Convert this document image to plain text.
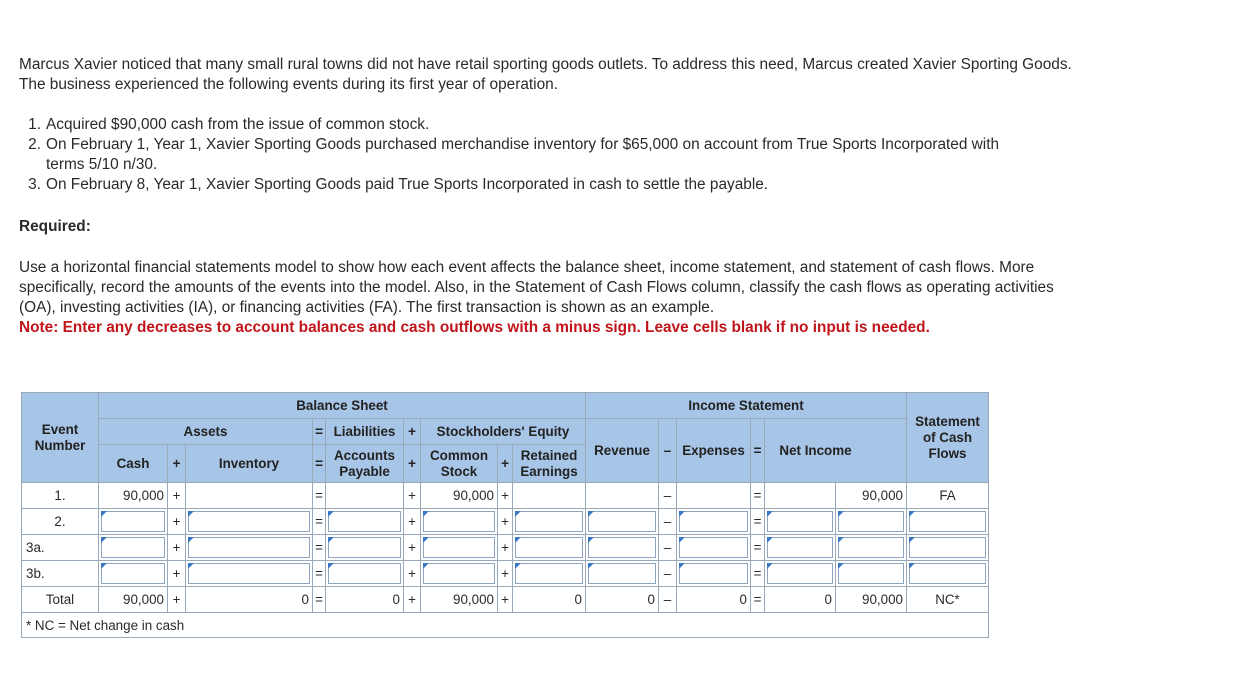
Marcus Xavier noticed that many small rural towns did not have retail sporting goods outlets. To address this need, Marcus created Xavier Sporting Goods. The business experienced the following events during its first year of operation.

1. Acquired $90,000 cash from the issue of common stock.
2. On February 1, Year 1, Xavier Sporting Goods purchased merchandise inventory for $65,000 on account from True Sports Incorporated with terms 5/10 n/30.
3. On February 8, Year 1, Xavier Sporting Goods paid True Sports Incorporated in cash to settle the payable.

Required:

Use a horizontal financial statements model to show how each event affects the balance sheet, income statement, and statement of cash flows. More specifically, record the amounts of the events into the model. Also, in the Statement of Cash Flows column, classify the cash flows as operating activities (OA), investing activities (IA), or financing activities (FA). The first transaction is shown as an example.

Note: Enter any decreases to account balances and cash outflows with a minus sign. Leave cells blank if no input is needed.

Event Number	Balance Sheet									Income Statement						Statement of Cash Flows
	Assets			=	Liabilities	+	Stockholders' Equity			Revenue	–	Expenses	=	Net Income		
	Cash	+	Inventory	=	Accounts Payable	+	Common Stock	+	Retained Earnings							
1.	90,000	+		=		+	90,000	+			–		=		90,000	FA
2.		+		=		+		+			–		=	

3a.		+		=		+		+			–		=	

3b.		+		=		+		+			–		=	

Total	90,000	+	0	=	0	+	90,000	+	0	0	–	0	=	0	90,000	NC*
* NC = Net change in cash																
